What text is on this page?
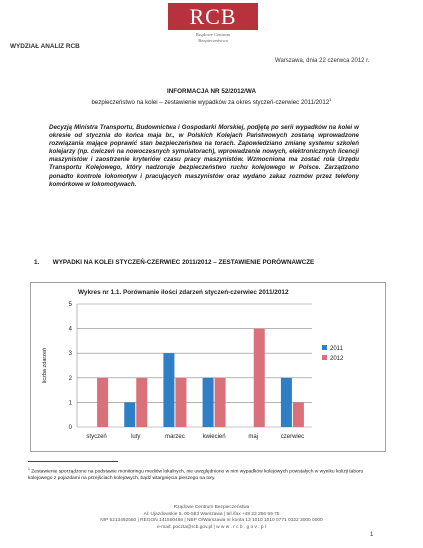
RCB
Rządowe Centrum
Bezpieczeństwa
WYDZIAŁ ANALIZ RCB
Warszawa, dnia 22 czerwca 2012 r.
INFORMACJA NR 52/2012/WA
bezpieczeństwo na kolei – zestawienie wypadków za okres styczeń-czerwiec 2011/2012$^1$
Decyzją Ministra Transportu, Budownictwa i Gospodarki Morskiej, podjętą po serii wypadków na kolei w okresie od stycznia do końca maja br., w Polskich Kolejach Państwowych zostaną wprowadzone rozwiązania mające poprawić stan bezpieczeństwa na torach. Zapowiedziano zmianę systemu szkoleń kolejarzy (np. ćwiczeń na nowoczesnych symulatorach), wprowadzenie nowych, elektronicznych licencji maszynistów i zaostrzenie kryteriów czasu pracy maszynistów. Wzmocniona ma zostać rola Urzędu Transportu Kolejowego, który nadzoruje bezpieczeństwo ruchu kolejowego w Polsce. Zarządzono ponadto kontrole lokomotyw i pracujących maszynistów oraz wydano zakaz rozmów przez telefony komórkowe w lokomotywach.
1. WYPADKI NA KOLEI STYCZEŃ-CZERWIEC 2011/2012 – ZESTAWIENIE PORÓWNAWCZE
Wykres nr 1.1. Porównanie ilości zdarzeń styczeń-czerwiec 2011/2012
liczba zdarzeń
0
1
2
3
4
5
styczeń	luty	marzec	kwiecień	maj	czerwiec
2011
2012
$^1$ Zestawienie sporządzone na podstawie monitoringu mediów lokalnych, nie uwzględniono w nim wypadków kolejowych powstałych w wyniku kolizji taboru kolejowego z pojazdami na przejściach kolejowych, bądź wtargnięcia pieszego na tory.
Rządowe Centrum Bezpieczeństwa
Al. Ujazdowskie 5, 00-583 Warszawa | tel./fax +48 22 256 59 75
NIP 5213492550 | REGON 141500466 | NBP O/Warszawa nr konta 13 1010 1010 0771 0322 3000 0000
e-mail: poczta@rcb.gov.pl | w w w . r c b . g o v . p l
1
